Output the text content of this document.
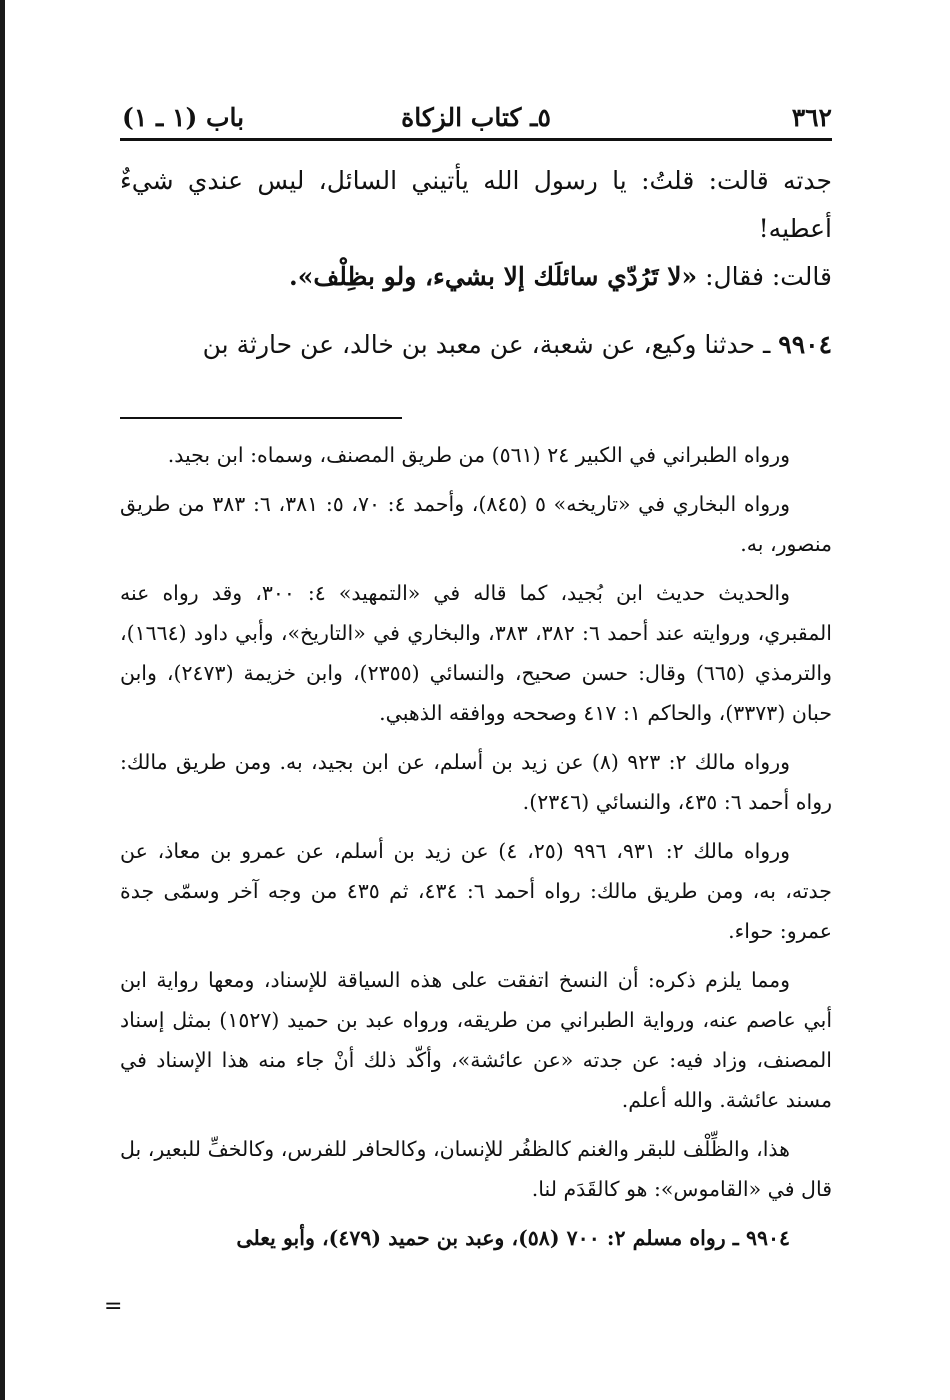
٣٦٢
٥ـ كتاب الزكاة
باب (١ ـ ١)

جدته قالت: قلتُ: يا رسول الله يأتيني السائل، ليس عندي شيءٌ أعطيه!

قالت: فقال: «لا تَرُدّي سائلَك إلا بشيء، ولو بظِلْف».

٩٩٠٤ ـ حدثنا وكيع، عن شعبة، عن معبد بن خالد، عن حارثة بن

ورواه الطبراني في الكبير ٢٤ (٥٦١) من طريق المصنف، وسماه: ابن بجيد.

ورواه البخاري في «تاريخه» ٥ (٨٤٥)، وأحمد ٤: ٧٠، ٥: ٣٨١، ٦: ٣٨٣ من طريق منصور، به.

والحديث حديث ابن بُجيد، كما قاله في «التمهيد» ٤: ٣٠٠، وقد رواه عنه المقبري، وروايته عند أحمد ٦: ٣٨٢، ٣٨٣، والبخاري في «التاريخ»، وأبي داود (١٦٦٤)، والترمذي (٦٦٥) وقال: حسن صحيح، والنسائي (٢٣٥٥)، وابن خزيمة (٢٤٧٣)، وابن حبان (٣٣٧٣)، والحاكم ١: ٤١٧ وصححه ووافقه الذهبي.

ورواه مالك ٢: ٩٢٣ (٨) عن زيد بن أسلم، عن ابن بجيد، به. ومن طريق مالك: رواه أحمد ٦: ٤٣٥، والنسائي (٢٣٤٦).

ورواه مالك ٢: ٩٣١، ٩٩٦ (٢٥، ٤) عن زيد بن أسلم، عن عمرو بن معاذ، عن جدته، به، ومن طريق مالك: رواه أحمد ٦: ٤٣٤، ثم ٤٣٥ من وجه آخر وسمّى جدة عمرو: حواء.

ومما يلزم ذكره: أن النسخ اتفقت على هذه السياقة للإسناد، ومعها رواية ابن أبي عاصم عنه، ورواية الطبراني من طريقه، ورواه عبد بن حميد (١٥٢٧) بمثل إسناد المصنف، وزاد فيه: عن جدته «عن عائشة»، وأكّد ذلك أنْ جاء منه هذا الإسناد في مسند عائشة. والله أعلم.

هذا، والظِّلْف للبقر والغنم كالظفُر للإنسان، وكالحافر للفرس، وكالخفِّ للبعير، بل قال في «القاموس»: هو كالقَدَم لنا.

٩٩٠٤ ـ رواه مسلم ٢: ٧٠٠ (٥٨)، وعبد بن حميد (٤٧٩)، وأبو يعلى

=
